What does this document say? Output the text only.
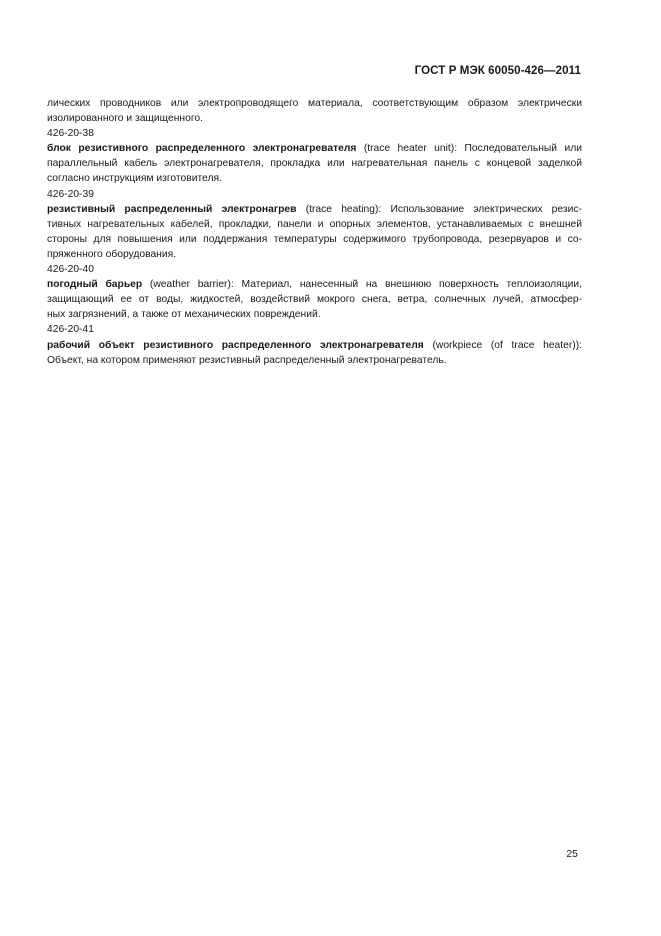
ГОСТ Р МЭК 60050-426—2011
лических проводников или электропроводящего материала, соответствующим образом электрически
изолированного и защищенного.
426-20-38
блок резистивного распределенного электронагревателя (trace heater unit): Последовательный или
параллельный кабель электронагревателя, прокладка или нагревательная панель с концевой заделкой
согласно инструкциям изготовителя.
426-20-39
резистивный распределенный электронагрев (trace heating): Использование электрических резис-
тивных нагревательных кабелей, прокладки, панели и опорных элементов, устанавливаемых с внешней
стороны для повышения или поддержания температуры содержимого трубопровода, резервуаров и со-
пряженного оборудования.
426-20-40
погодный барьер (weather barrier): Материал, нанесенный на внешнюю поверхность теплоизоляции,
защищающий ее от воды, жидкостей, воздействий мокрого снега, ветра, солнечных лучей, атмосфер-
ных загрязнений, а также от механических повреждений.
426-20-41
рабочий объект резистивного распределенного электронагревателя (workpiece (of trace heater)):
Объект, на котором применяют резистивный распределенный электронагреватель.
25
